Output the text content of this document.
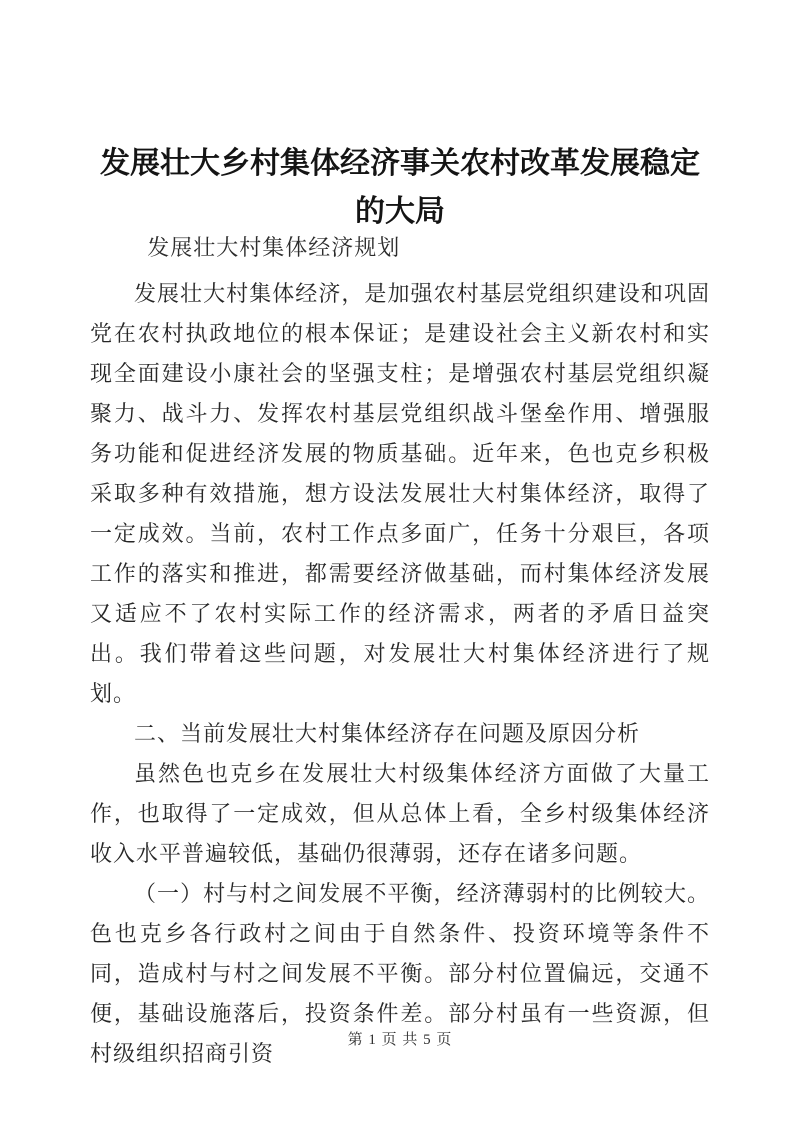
发展壮大乡村集体经济事关农村改革发展稳定的大局

发展壮大村集体经济规划

发展壮大村集体经济，是加强农村基层党组织建设和巩固党在农村执政地位的根本保证；是建设社会主义新农村和实现全面建设小康社会的坚强支柱；是增强农村基层党组织凝聚力、战斗力、发挥农村基层党组织战斗堡垒作用、增强服务功能和促进经济发展的物质基础。近年来，色也克乡积极采取多种有效措施，想方设法发展壮大村集体经济，取得了一定成效。当前，农村工作点多面广，任务十分艰巨，各项工作的落实和推进，都需要经济做基础，而村集体经济发展又适应不了农村实际工作的经济需求，两者的矛盾日益突出。我们带着这些问题，对发展壮大村集体经济进行了规划。

二、当前发展壮大村集体经济存在问题及原因分析

虽然色也克乡在发展壮大村级集体经济方面做了大量工作，也取得了一定成效，但从总体上看，全乡村级集体经济收入水平普遍较低，基础仍很薄弱，还存在诸多问题。

（一）村与村之间发展不平衡，经济薄弱村的比例较大。色也克乡各行政村之间由于自然条件、投资环境等条件不同，造成村与村之间发展不平衡。部分村位置偏远，交通不便，基础设施落后，投资条件差。部分村虽有一些资源，但村级组织招商引资

第 1 页 共 5 页
